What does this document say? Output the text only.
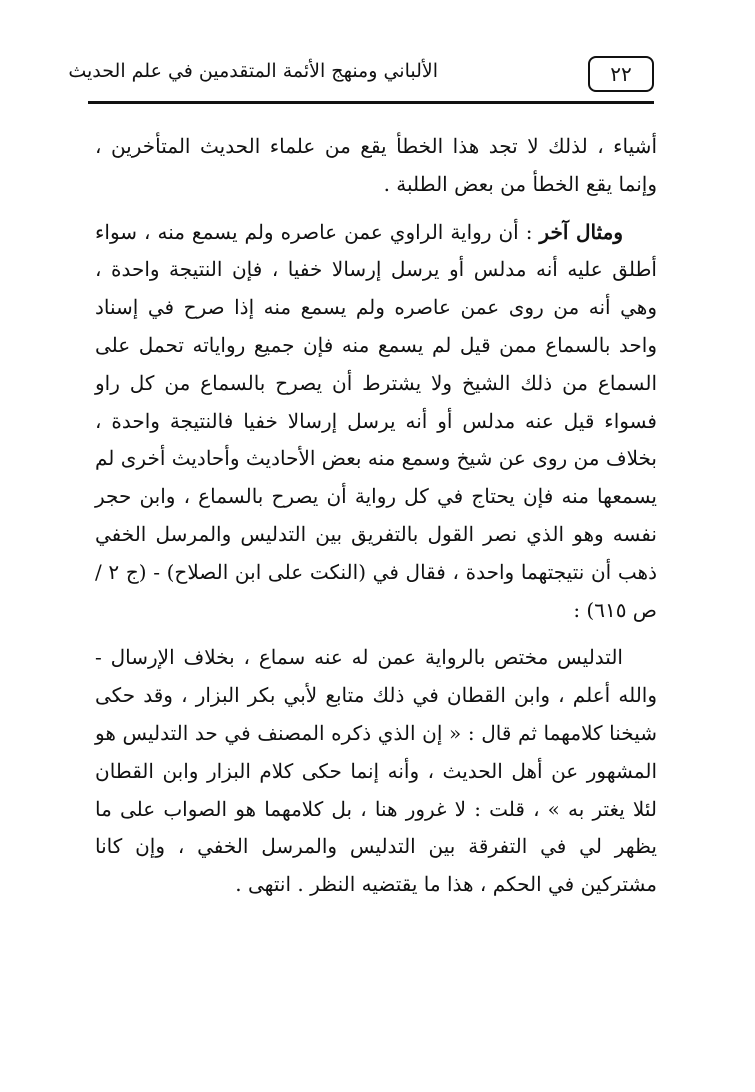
٢٢
الألباني ومنهج الأئمة المتقدمين في علم الحديث

أشياء ، لذلك لا تجد هذا الخطأ يقع من علماء الحديث المتأخرين ، وإنما يقع الخطأ من بعض الطلبة .

ومثال آخر : أن رواية الراوي عمن عاصره ولم يسمع منه ، سواء أطلق عليه أنه مدلس أو يرسل إرسالا خفيا ، فإن النتيجة واحدة ، وهي أنه من روى عمن عاصره ولم يسمع منه إذا صرح في إسناد واحد بالسماع ممن قيل لم يسمع منه فإن جميع رواياته تحمل على السماع من ذلك الشيخ ولا يشترط أن يصرح بالسماع من كل راو فسواء قيل عنه مدلس أو أنه يرسل إرسالا خفيا فالنتيجة واحدة ، بخلاف من روى عن شيخ وسمع منه بعض الأحاديث وأحاديث أخرى لم يسمعها منه فإن يحتاج في كل رواية أن يصرح بالسماع ، وابن حجر نفسه وهو الذي نصر القول بالتفريق بين التدليس والمرسل الخفي ذهب أن نتيجتهما واحدة ، فقال في (النكت على ابن الصلاح) - (ج ٢ / ص ٦١٥) :

التدليس مختص بالرواية عمن له عنه سماع ، بخلاف الإرسال - والله أعلم ، وابن القطان في ذلك متابع لأبي بكر البزار ، وقد حكى شيخنا كلامهما ثم قال : « إن الذي ذكره المصنف في حد التدليس هو المشهور عن أهل الحديث ، وأنه إنما حكى كلام البزار وابن القطان لئلا يغتر به » ، قلت : لا غرور هنا ، بل كلامهما هو الصواب على ما يظهر لي في التفرقة بين التدليس والمرسل الخفي ، وإن كانا مشتركين في الحكم ، هذا ما يقتضيه النظر . انتهى .
